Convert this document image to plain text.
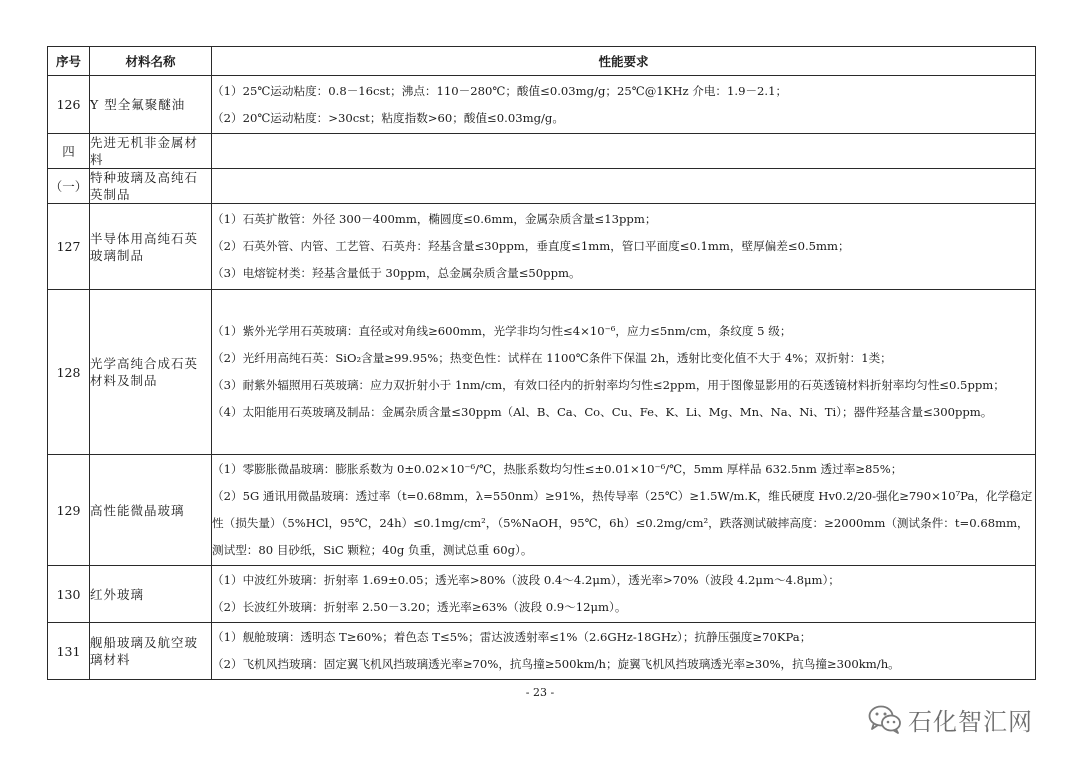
序号	材料名称	性能要求
126	Y 型全氟聚醚油	（1）25℃运动粘度：0.8－16cst；沸点：110－280℃；酸值≤0.03mg/g；25℃@1KHz 介电：1.9－2.1；
（2）20℃运动粘度：>30cst；粘度指数>60；酸值≤0.03mg/g。

四	先进无机非金属材料	
（一）	特种玻璃及高纯石英制品	
127	半导体用高纯石英玻璃制品	（1）石英扩散管：外径 300－400mm，椭圆度≤0.6mm，金属杂质含量≤13ppm；
（2）石英外管、内管、工艺管、石英舟：羟基含量≤30ppm，垂直度≤1mm，管口平面度≤0.1mm，壁厚偏差≤0.5mm；
（3）电熔锭材类：羟基含量低于 30ppm，总金属杂质含量≤50ppm。

128	光学高纯合成石英材料及制品	（1）紫外光学用石英玻璃：直径或对角线≥600mm，光学非均匀性≤4×10⁻⁶，应力≤5nm/cm，条纹度 5 级；
（2）光纤用高纯石英：SiO₂含量≥99.95%；热变色性：试样在 1100℃条件下保温 2h，透射比变化值不大于 4%；双折射：1类；
（3）耐紫外辐照用石英玻璃：应力双折射小于 1nm/cm，有效口径内的折射率均匀性≤2ppm，用于图像显影用的石英透镜材料折射率均匀性≤0.5ppm；
（4）太阳能用石英玻璃及制品：金属杂质含量≤30ppm（Al、B、Ca、Co、Cu、Fe、K、Li、Mg、Mn、Na、Ni、Ti）；器件羟基含量≤300ppm。

129	高性能微晶玻璃	（1）零膨胀微晶玻璃：膨胀系数为 0±0.02×10⁻⁶/℃，热胀系数均匀性≤±0.01×10⁻⁶/℃，5mm 厚样品 632.5nm 透过率≥85%；
（2）5G 通讯用微晶玻璃：透过率（t=0.68mm，λ=550nm）≥91%，热传导率（25℃）≥1.5W/m.K，维氏硬度 Hv0.2/20-强化≥790×10⁷Pa，化学稳定性（损失量）（5%HCl，95℃，24h）≤0.1mg/cm²，（5%NaOH，95℃，6h）≤0.2mg/cm²，跌落测试破摔高度：≥2000mm（测试条件：t=0.68mm，测试型：80 目砂纸，SiC 颗粒；40g 负重，测试总重 60g）。

130	红外玻璃	（1）中波红外玻璃：折射率 1.69±0.05；透光率>80%（波段 0.4～4.2μm），透光率>70%（波段 4.2μm～4.8μm）；
（2）长波红外玻璃：折射率 2.50－3.20；透光率≥63%（波段 0.9～12μm）。

131	舰船玻璃及航空玻璃材料	（1）舰舱玻璃：透明态 T≥60%；着色态 T≤5%；雷达波透射率≤1%（2.6GHz-18GHz）；抗静压强度≥70KPa；
（2）飞机风挡玻璃：固定翼飞机风挡玻璃透光率≥70%，抗鸟撞≥500km/h；旋翼飞机风挡玻璃透光率≥30%，抗鸟撞≥300km/h。
- 23 -
石化智汇网
